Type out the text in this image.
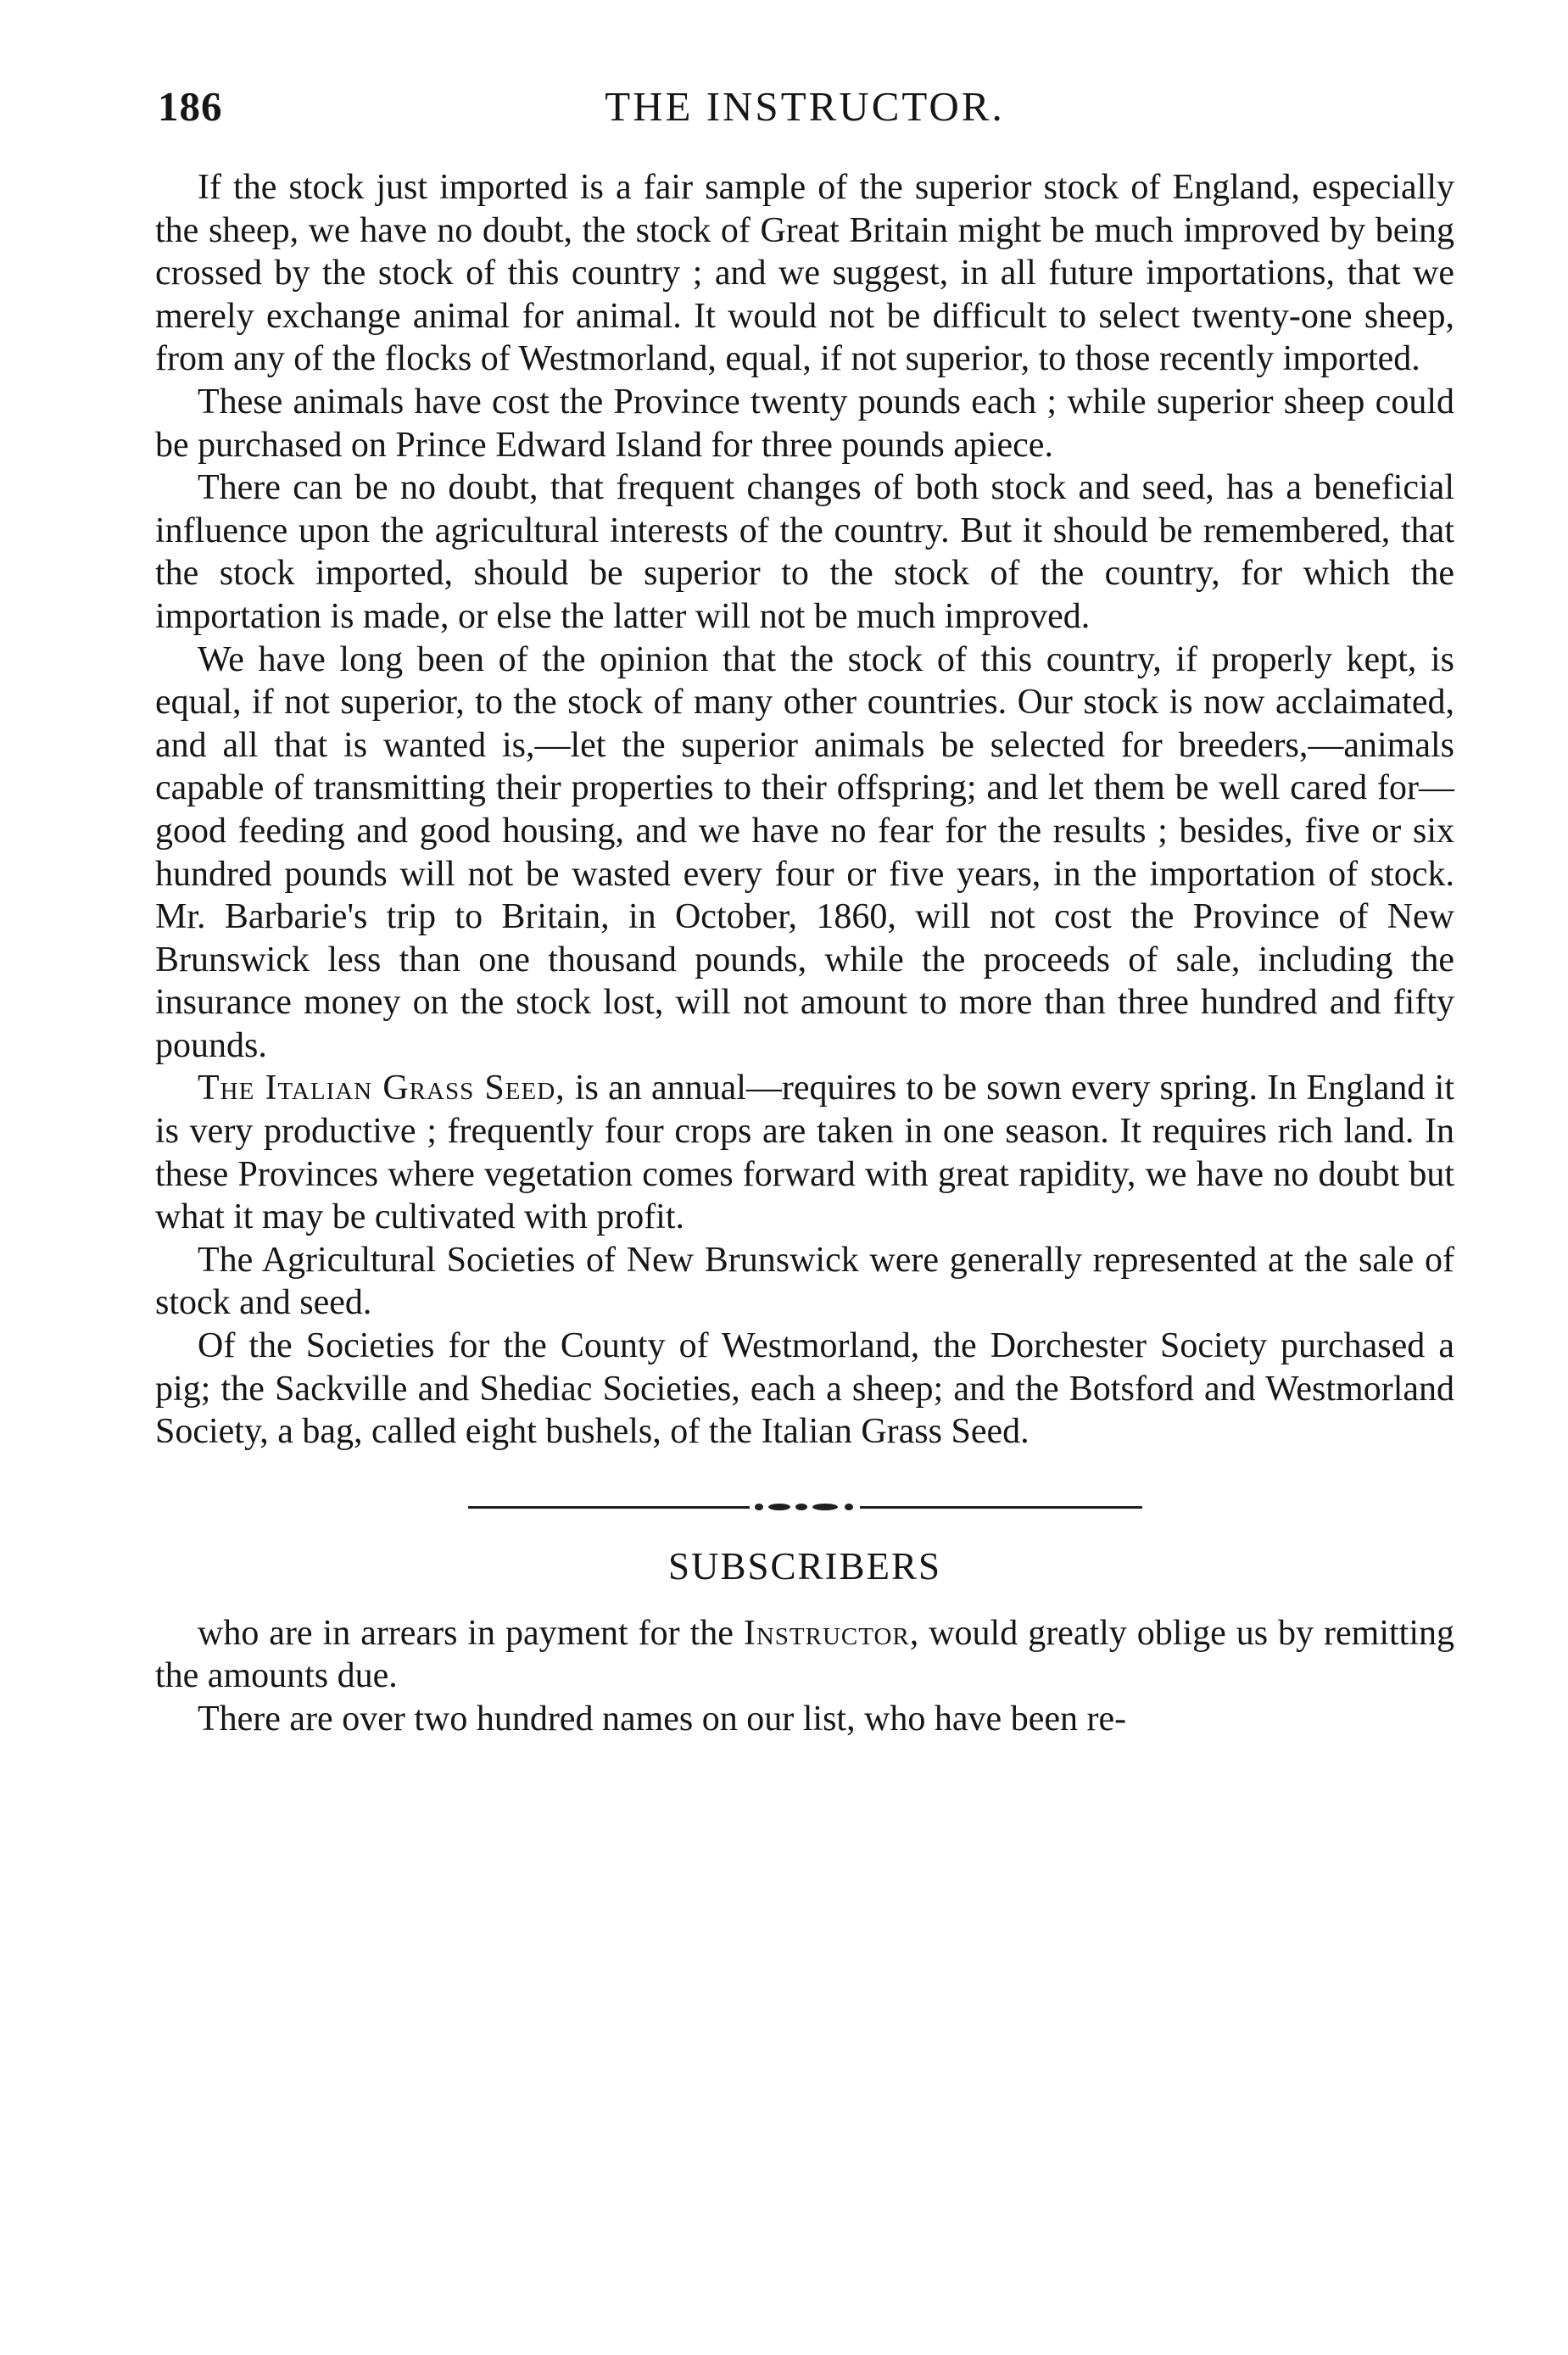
186	THE INSTRUCTOR.

If the stock just imported is a fair sample of the superior stock of England, especially the sheep, we have no doubt, the stock of Great Britain might be much improved by being crossed by the stock of this country ; and we suggest, in all future importations, that we merely exchange animal for animal. It would not be difficult to select twenty-one sheep, from any of the flocks of Westmorland, equal, if not superior, to those recently imported.

These animals have cost the Province twenty pounds each ; while superior sheep could be purchased on Prince Edward Island for three pounds apiece.

There can be no doubt, that frequent changes of both stock and seed, has a beneficial influence upon the agricultural interests of the country. But it should be remembered, that the stock imported, should be superior to the stock of the country, for which the importation is made, or else the latter will not be much improved.

We have long been of the opinion that the stock of this country, if properly kept, is equal, if not superior, to the stock of many other countries. Our stock is now acclaimated, and all that is wanted is,—let the superior animals be selected for breeders,—animals capable of transmitting their properties to their offspring; and let them be well cared for—good feeding and good housing, and we have no fear for the results ; besides, five or six hundred pounds will not be wasted every four or five years, in the importation of stock. Mr. Barbarie's trip to Britain, in October, 1860, will not cost the Province of New Brunswick less than one thousand pounds, while the proceeds of sale, including the insurance money on the stock lost, will not amount to more than three hundred and fifty pounds.

The Italian Grass Seed, is an annual—requires to be sown every spring. In England it is very productive ; frequently four crops are taken in one season. It requires rich land. In these Provinces where vegetation comes forward with great rapidity, we have no doubt but what it may be cultivated with profit.

The Agricultural Societies of New Brunswick were generally represented at the sale of stock and seed.

Of the Societies for the County of Westmorland, the Dorchester Society purchased a pig; the Sackville and Shediac Societies, each a sheep; and the Botsford and Westmorland Society, a bag, called eight bushels, of the Italian Grass Seed.

SUBSCRIBERS

who are in arrears in payment for the Instructor, would greatly oblige us by remitting the amounts due.

There are over two hundred names on our list, who have been re-
